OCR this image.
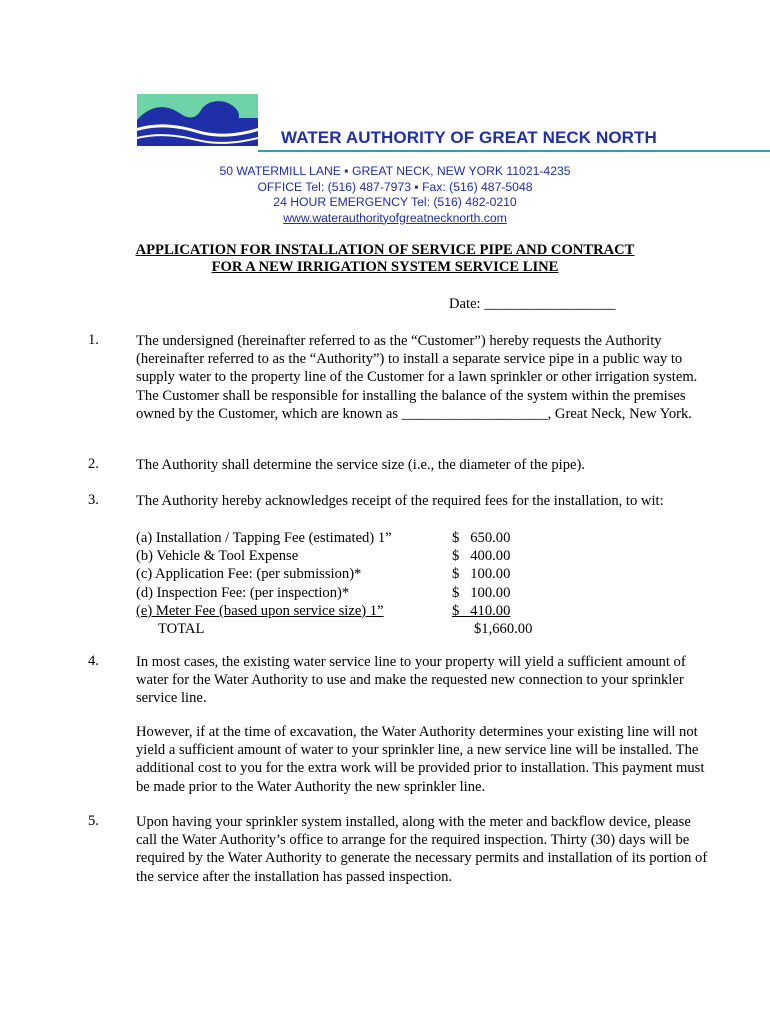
WATER AUTHORITY OF GREAT NECK NORTH
50 WATERMILL LANE ▪ GREAT NECK, NEW YORK 11021-4235
OFFICE Tel: (516) 487-7973 ▪ Fax: (516) 487-5048
24 HOUR EMERGENCY Tel: (516) 482-0210
www.waterauthorityofgreatnecknorth.com
APPLICATION FOR INSTALLATION OF SERVICE PIPE AND CONTRACT
FOR A NEW IRRIGATION SYSTEM SERVICE LINE
Date: __________________
1.	The undersigned (hereinafter referred to as the “Customer”) hereby requests the Authority (hereinafter referred to as the “Authority”) to install a separate service pipe in a public way to supply water to the property line of the Customer for a lawn sprinkler or other irrigation system. The Customer shall be responsible for installing the balance of the system within the premises owned by the Customer, which are known as ____________________, Great Neck, New York.
2.	The Authority shall determine the service size (i.e., the diameter of the pipe).
3.	The Authority hereby acknowledges receipt of the required fees for the installation, to wit:
(a) Installation / Tapping Fee (estimated) 1”	$   650.00
(b) Vehicle & Tool Expense	$   400.00
(c) Application Fee: (per submission)*	$   100.00
(d) Inspection Fee: (per inspection)*	$   100.00
(e) Meter Fee (based upon service size) 1”	$   410.00
TOTAL	$1,660.00
4.	In most cases, the existing water service line to your property will yield a sufficient amount of water for the Water Authority to use and make the requested new connection to your sprinkler service line.
However, if at the time of excavation, the Water Authority determines your existing line will not yield a sufficient amount of water to your sprinkler line, a new service line will be installed. The additional cost to you for the extra work will be provided prior to installation. This payment must be made prior to the Water Authority the new sprinkler line.
5.	Upon having your sprinkler system installed, along with the meter and backflow device, please call the Water Authority’s office to arrange for the required inspection. Thirty (30) days will be required by the Water Authority to generate the necessary permits and installation of its portion of the service after the installation has passed inspection.
